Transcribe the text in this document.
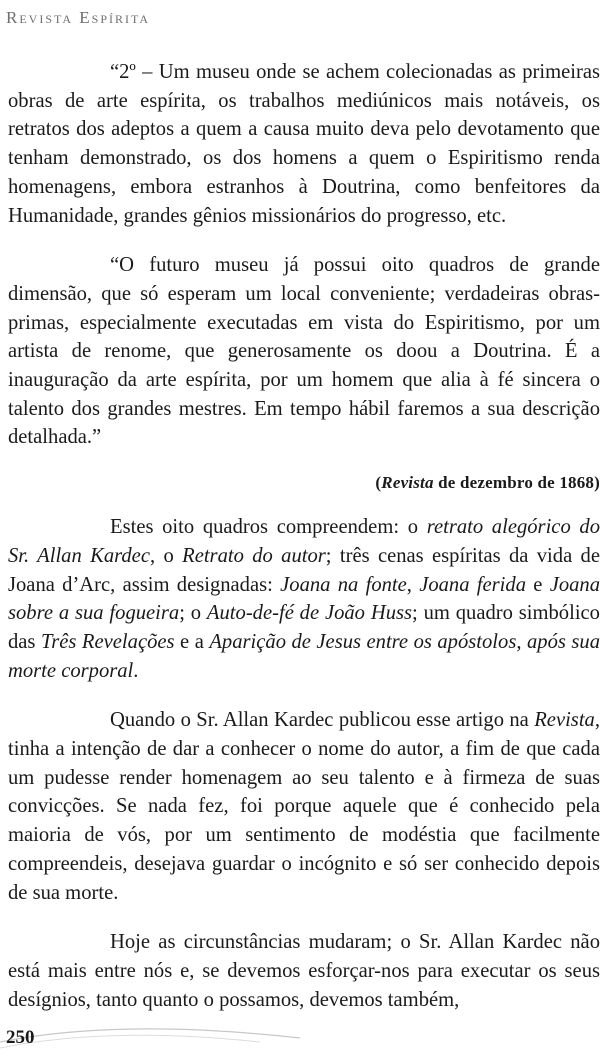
Revista Espírita

“2º – Um museu onde se achem colecionadas as primeiras obras de arte espírita, os trabalhos mediúnicos mais notáveis, os retratos dos adeptos a quem a causa muito deva pelo devotamento que tenham demonstrado, os dos homens a quem o Espiritismo renda homenagens, embora estranhos à Doutrina, como benfeitores da Humanidade, grandes gênios missionários do progresso, etc.

“O futuro museu já possui oito quadros de grande dimensão, que só esperam um local conveniente; verdadeiras obras-primas, especialmente executadas em vista do Espiritismo, por um artista de renome, que generosamente os doou a Doutrina. É a inauguração da arte espírita, por um homem que alia à fé sincera o talento dos grandes mestres. Em tempo hábil faremos a sua descrição detalhada.”

(Revista de dezembro de 1868)

Estes oito quadros compreendem: o retrato alegórico do Sr. Allan Kardec, o Retrato do autor; três cenas espíritas da vida de Joana d’Arc, assim designadas: Joana na fonte, Joana ferida e Joana sobre a sua fogueira; o Auto-de-fé de João Huss; um quadro simbólico das Três Revelações e a Aparição de Jesus entre os apóstolos, após sua morte corporal.

Quando o Sr. Allan Kardec publicou esse artigo na Revista, tinha a intenção de dar a conhecer o nome do autor, a fim de que cada um pudesse render homenagem ao seu talento e à firmeza de suas convicções. Se nada fez, foi porque aquele que é conhecido pela maioria de vós, por um sentimento de modéstia que facilmente compreendeis, desejava guardar o incógnito e só ser conhecido depois de sua morte.

Hoje as circunstâncias mudaram; o Sr. Allan Kardec não está mais entre nós e, se devemos esforçar-nos para executar os seus desígnios, tanto quanto o possamos, devemos também,

250
